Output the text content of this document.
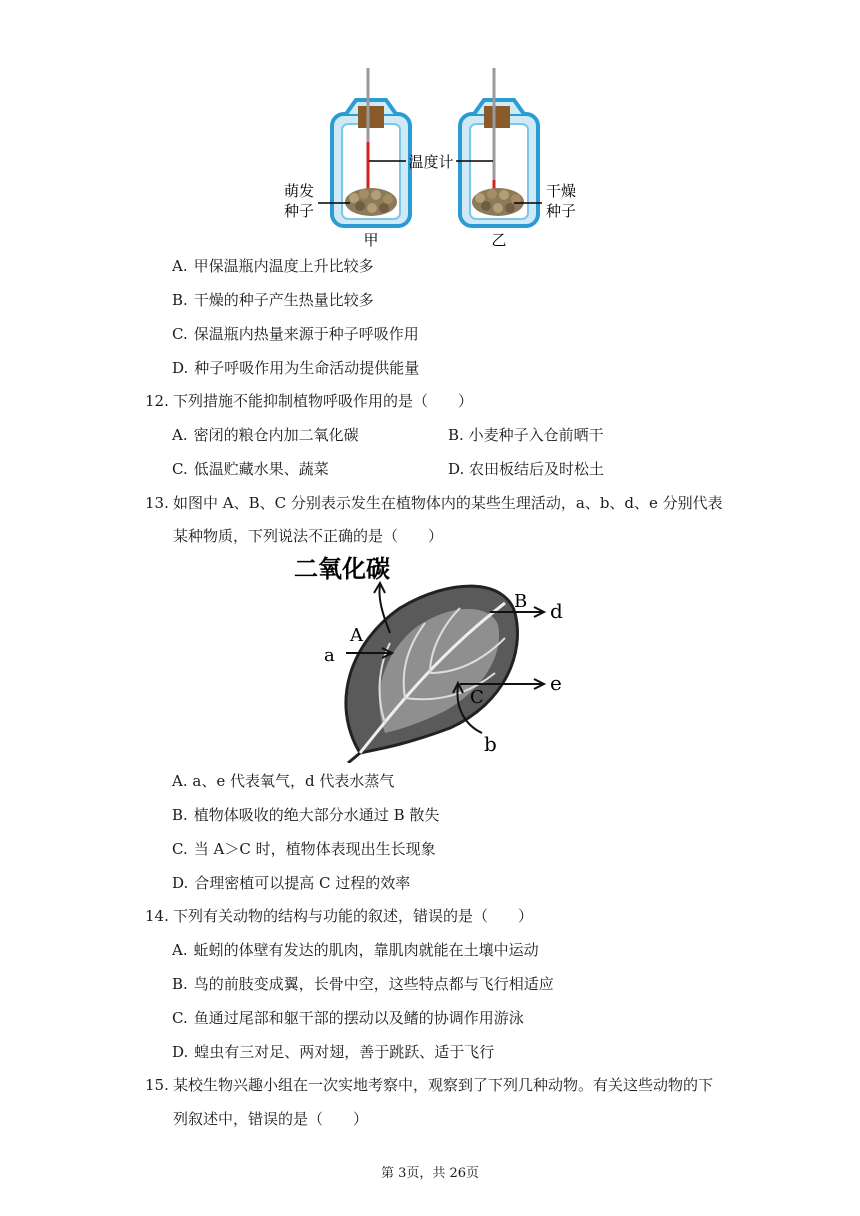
温度计
萌发
种子
干燥
种子
甲	乙
A. 甲保温瓶内温度上升比较多
B. 干燥的种子产生热量比较多
C. 保温瓶内热量来源于种子呼吸作用
D. 种子呼吸作用为生命活动提供能量
12. 下列措施不能抑制植物呼吸作用的是（　　）
A. 密闭的粮仓内加二氧化碳	B. 小麦种子入仓前晒干
C. 低温贮藏水果、蔬菜	D. 农田板结后及时松土
13. 如图中 A、B、C 分别表示发生在植物体内的某些生理活动，a、b、d、e 分别代表
某种物质，下列说法不正确的是（　　）
二氧化碳
A
a
B d
C
e
b
A. a、e 代表氧气，d 代表水蒸气
B. 植物体吸收的绝大部分水通过 B 散失
C. 当 A＞C 时，植物体表现出生长现象
D. 合理密植可以提高 C 过程的效率
14. 下列有关动物的结构与功能的叙述，错误的是（　　）
A. 蚯蚓的体壁有发达的肌肉，靠肌肉就能在土壤中运动
B. 鸟的前肢变成翼，长骨中空，这些特点都与飞行相适应
C. 鱼通过尾部和躯干部的摆动以及鳍的协调作用游泳
D. 蝗虫有三对足、两对翅，善于跳跃、适于飞行
15. 某校生物兴趣小组在一次实地考察中，观察到了下列几种动物。有关这些动物的下
列叙述中，错误的是（　　）
第 3页，共 26页
